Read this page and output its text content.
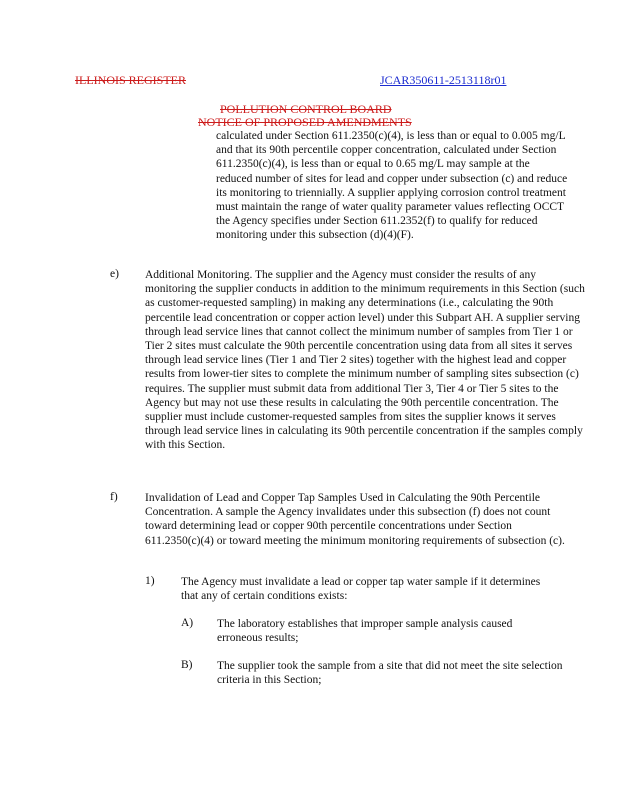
ILLINOIS REGISTER	JCAR350611-2513118r01
POLLUTION CONTROL BOARD
NOTICE OF PROPOSED AMENDMENTS

calculated under Section 611.2350(c)(4), is less than or equal to 0.005 mg/L and that its 90th percentile copper concentration, calculated under Section 611.2350(c)(4), is less than or equal to 0.65 mg/L may sample at the reduced number of sites for lead and copper under subsection (c) and reduce its monitoring to triennially. A supplier applying corrosion control treatment must maintain the range of water quality parameter values reflecting OCCT the Agency specifies under Section 611.2352(f) to qualify for reduced monitoring under this subsection (d)(4)(F).

e) Additional Monitoring. The supplier and the Agency must consider the results of any monitoring the supplier conducts in addition to the minimum requirements in this Section (such as customer-requested sampling) in making any determinations (i.e., calculating the 90th percentile lead concentration or copper action level) under this Subpart AH. A supplier serving through lead service lines that cannot collect the minimum number of samples from Tier 1 or Tier 2 sites must calculate the 90th percentile concentration using data from all sites it serves through lead service lines (Tier 1 and Tier 2 sites) together with the highest lead and copper results from lower-tier sites to complete the minimum number of sampling sites subsection (c) requires. The supplier must submit data from additional Tier 3, Tier 4 or Tier 5 sites to the Agency but may not use these results in calculating the 90th percentile concentration. The supplier must include customer-requested samples from sites the supplier knows it serves through lead service lines in calculating its 90th percentile concentration if the samples comply with this Section.

f) Invalidation of Lead and Copper Tap Samples Used in Calculating the 90th Percentile Concentration. A sample the Agency invalidates under this subsection (f) does not count toward determining lead or copper 90th percentile concentrations under Section 611.2350(c)(4) or toward meeting the minimum monitoring requirements of subsection (c).

1) The Agency must invalidate a lead or copper tap water sample if it determines that any of certain conditions exists:

A) The laboratory establishes that improper sample analysis caused erroneous results;

B) The supplier took the sample from a site that did not meet the site selection criteria in this Section;
